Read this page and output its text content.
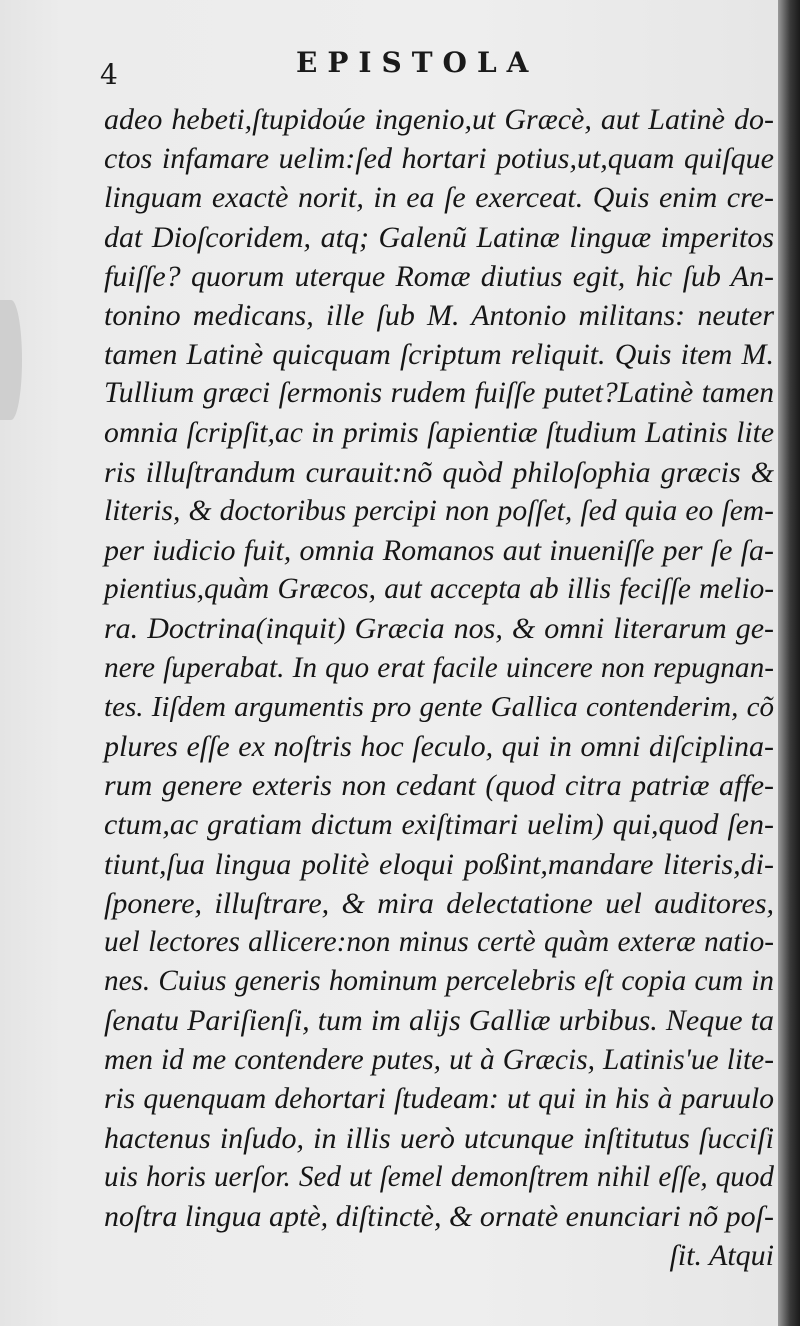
4	EPISTOLA
adeo hebeti,ſtupidoúe ingenio,ut Græcè, aut Latinè do-
ctos infamare uelim:ſed hortari potius,ut,quam quiſque
linguam exactè norit, in ea ſe exerceat. Quis enim cre-
dat Dioſcoridem, atq; Galenũ Latinæ linguæ imperitos
fuiſſe? quorum uterque Romæ diutius egit, hic ſub An-
tonino medicans, ille ſub M. Antonio militans: neuter
tamen Latinè quicquam ſcriptum reliquit. Quis item M.
Tullium græci ſermonis rudem fuiſſe putet?Latinè tamen
omnia ſcripſit,ac in primis ſapientiæ ſtudium Latinis lite
ris illuſtrandum curauit:nõ quòd philoſophia græcis &
literis, & doctoribus percipi non poſſet, ſed quia eo ſem-
per iudicio fuit, omnia Romanos aut inueniſſe per ſe ſa-
pientius,quàm Græcos, aut accepta ab illis feciſſe melio-
ra. Doctrina(inquit) Græcia nos, & omni literarum ge-
nere ſuperabat. In quo erat facile uincere non repugnan-
tes. Iiſdem argumentis pro gente Gallica contenderim, cõ
plures eſſe ex noſtris hoc ſeculo, qui in omni diſciplina-
rum genere exteris non cedant (quod citra patriæ affe-
ctum,ac gratiam dictum exiſtimari uelim) qui,quod ſen-
tiunt,ſua lingua politè eloqui poßint,mandare literis,di-
ſponere, illuſtrare, & mira delectatione uel auditores,
uel lectores allicere:non minus certè quàm exteræ natio-
nes. Cuius generis hominum percelebris eſt copia cum in
ſenatu Pariſienſi, tum im alijs Galliæ urbibus. Neque ta
men id me contendere putes, ut à Græcis, Latinis'ue lite-
ris quenquam dehortari ſtudeam: ut qui in his à paruulo
hactenus inſudo, in illis uerò utcunque inſtitutus ſucciſi
uis horis uerſor. Sed ut ſemel demonſtrem nihil eſſe, quod
noſtra lingua aptè, diſtinctè, & ornatè enunciari nõ poſ-
ſit. Atqui
